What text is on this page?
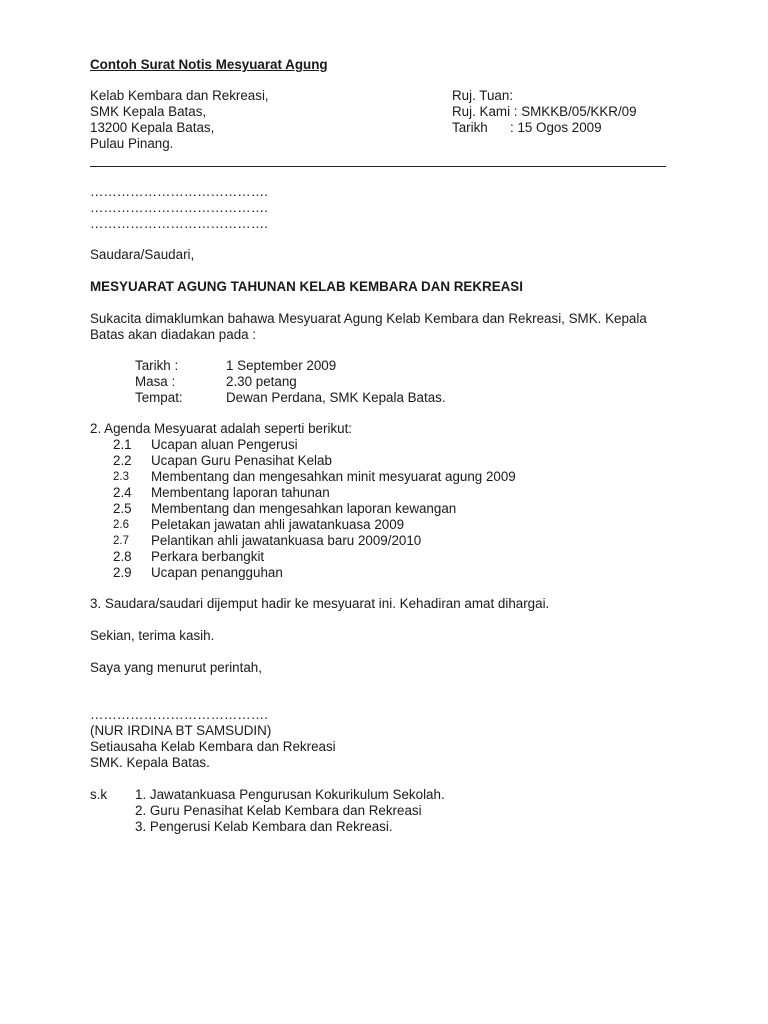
Contoh Surat Notis Mesyuarat Agung
Kelab Kembara dan Rekreasi,
SMK Kepala Batas,
13200 Kepala Batas,
Pulau Pinang.
Ruj. Tuan:
Ruj. Kami : SMKKB/05/KKR/09
Tarikh : 15 Ogos 2009
………………………………….
………………………………….
………………………………….
Saudara/Saudari,
MESYUARAT AGUNG TAHUNAN KELAB KEMBARA DAN REKREASI
Sukacita dimaklumkan bahawa Mesyuarat Agung Kelab Kembara dan Rekreasi, SMK. Kepala
Batas akan diadakan pada :
Tarikh :	1 September 2009
Masa :	2.30 petang
Tempat:	Dewan Perdana, SMK Kepala Batas.
2. Agenda Mesyuarat adalah seperti berikut:
2.1 Ucapan aluan Pengerusi
2.2 Ucapan Guru Penasihat Kelab
2.3 Membentang dan mengesahkan minit mesyuarat agung 2009
2.4 Membentang laporan tahunan
2.5 Membentang dan mengesahkan laporan kewangan
2.6 Peletakan jawatan ahli jawatankuasa 2009
2.7 Pelantikan ahli jawatankuasa baru 2009/2010
2.8 Perkara berbangkit
2.9 Ucapan penangguhan
3. Saudara/saudari dijemput hadir ke mesyuarat ini. Kehadiran amat dihargai.
Sekian, terima kasih.
Saya yang menurut perintah,
………………………………….
(NUR IRDINA BT SAMSUDIN)
Setiausaha Kelab Kembara dan Rekreasi
SMK. Kepala Batas.
s.k 1. Jawatankuasa Pengurusan Kokurikulum Sekolah.
2. Guru Penasihat Kelab Kembara dan Rekreasi
3. Pengerusi Kelab Kembara dan Rekreasi.
